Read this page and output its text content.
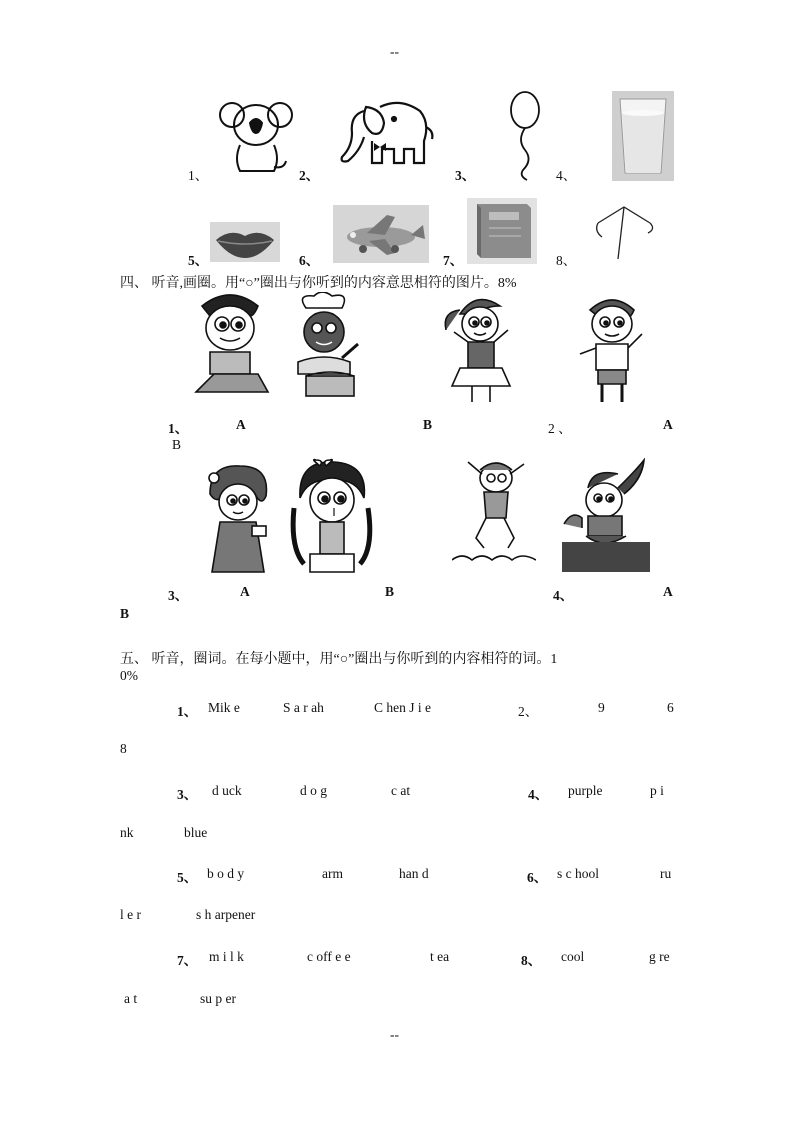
--
--
1、	2、	3、	4、
5、	6、	7、	8、
四、 听音,画圈。用“○”圈出与你听到的内容意思相符的图片。8%
1、	A	B	2 、	A
B
3、	A	B	4、	A
B
五、 听音，圈词。在每小题中，用“○”圈出与你听到的内容相符的词。1
0%
1、 Mik e	S a r ah	C hen J i e	2、	9	6
8
3、 d uck	d o g	c at	4、 purple	p i
nk	blue
5、 b o d y	arm	han d	6、 s c hool	ru
l e r	s h arpener
7、 m i l k	c off e e	t ea	8、 cool	g re
a t	su p er
